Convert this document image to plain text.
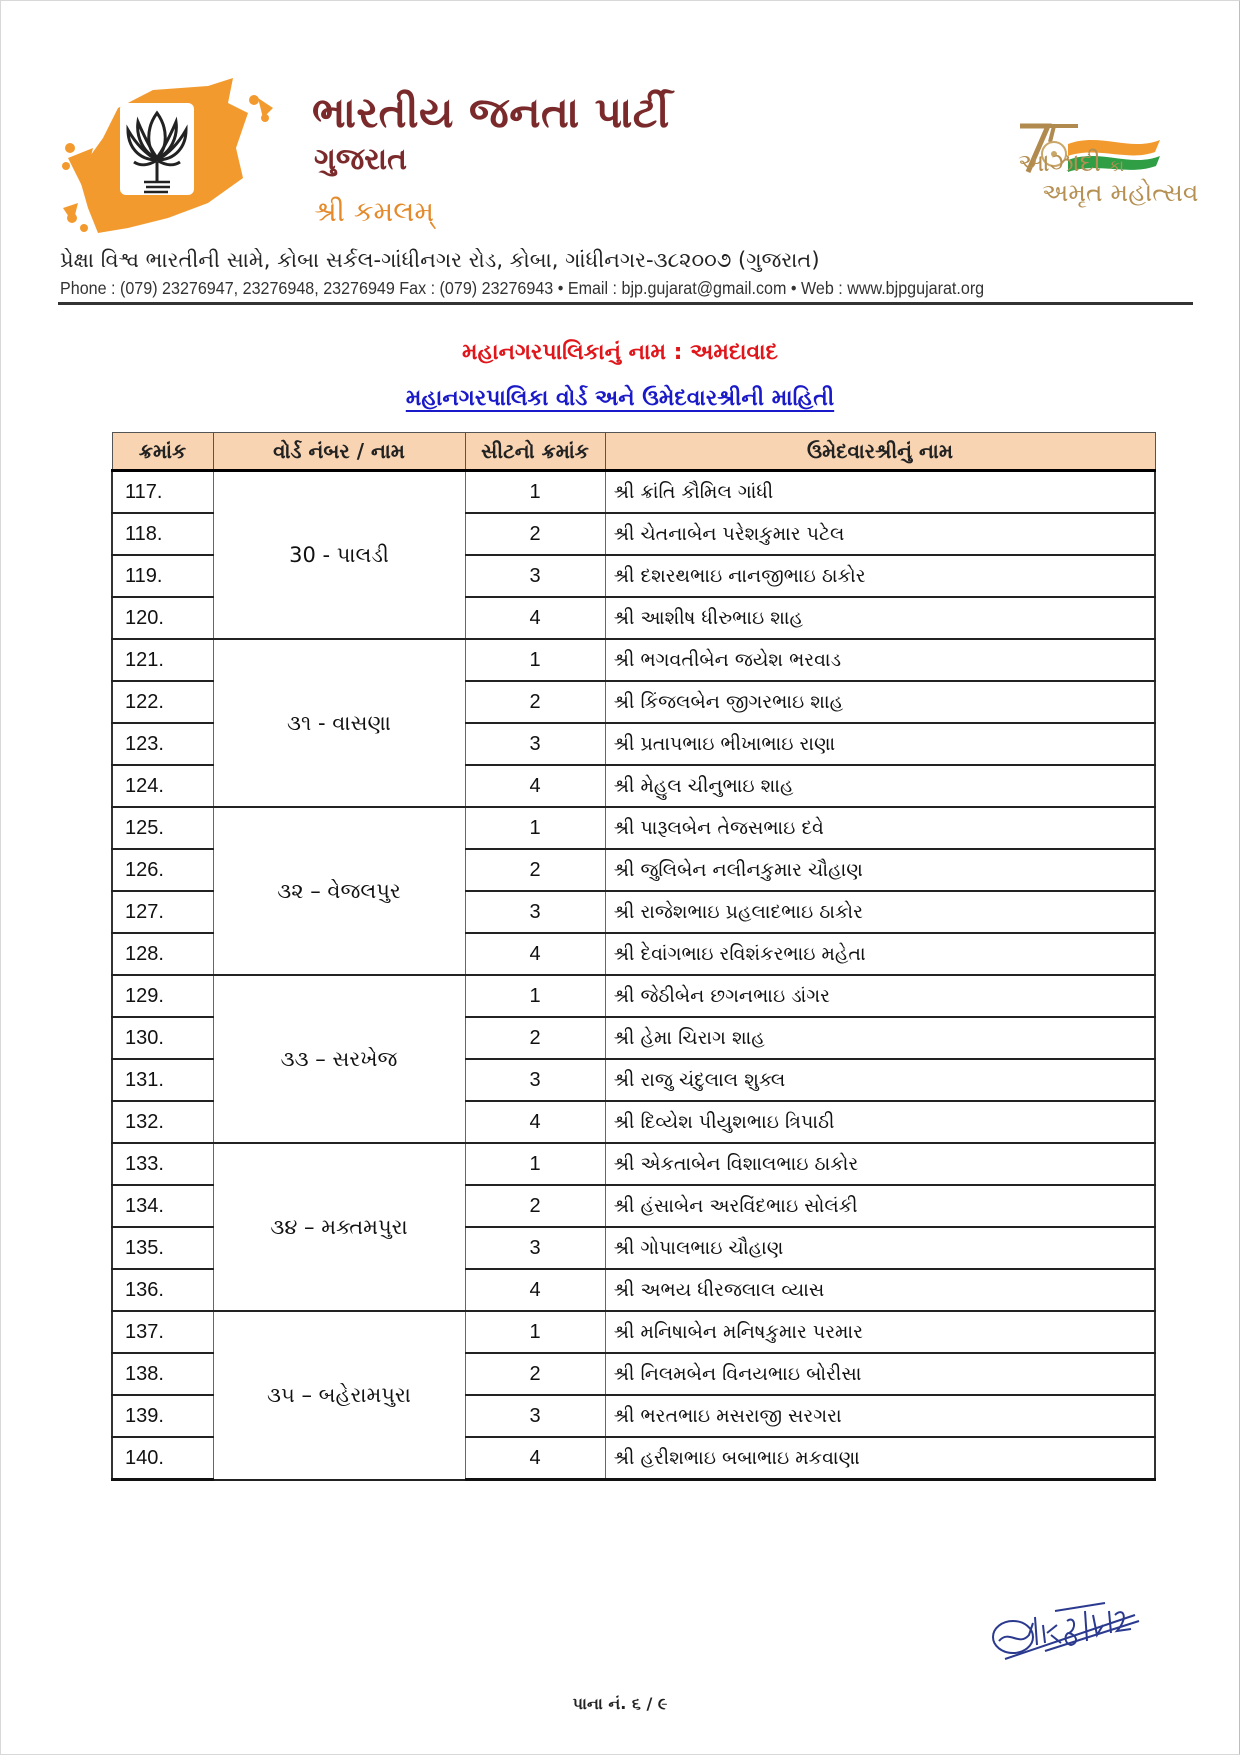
ભારતીય જનતા પાર્ટી
ગુજરાત
શ્રી કમલમ્
આઝાદી કા
અમૃત મહોત્સવ
પ્રેક્ષા વિશ્વ ભારતીની સામે, કોબા સર્કલ-ગાંધીનગર રોડ, કોબા, ગાંધીનગર-૩૮૨૦૦૭ (ગુજરાત)
Phone : (079) 23276947, 23276948, 23276949 Fax : (079) 23276943 • Email : bjp.gujarat@gmail.com • Web : www.bjpgujarat.org
મહાનગરપાલિકાનું નામ : અમદાવાદ
મહાનગરપાલિકા વોર્ડ અને ઉમેદવારશ્રીની માહિતી
ક્રમાંક	વોર્ડ નંબર / નામ	સીટનો ક્રમાંક	ઉમેદવારશ્રીનું નામ
117.	30 - પાલડી	1	શ્રી ક્રાંતિ કૌમિલ ગાંધી
118.		2	શ્રી ચેતનાબેન પરેશકુમાર પટેલ
119.		3	શ્રી દશરથભાઇ નાનજીભાઇ ઠાકોર
120.		4	શ્રી આશીષ ધીરુભાઇ શાહ
121.	૩૧ - વાસણા	1	શ્રી ભગવતીબેન જયેશ ભરવાડ
122.		2	શ્રી કિંજલબેન જીગરભાઇ શાહ
123.		3	શ્રી પ્રતાપભાઇ ભીખાભાઇ રાણા
124.		4	શ્રી મેહુલ ચીનુભાઇ શાહ
125.	૩૨ – વેજલપુર	1	શ્રી પારૂલબેન તેજસભાઇ દવે
126.		2	શ્રી જુલિબેન નલીનકુમાર ચૌહાણ
127.		3	શ્રી રાજેશભાઇ પ્રહલાદભાઇ ઠાકોર
128.		4	શ્રી દેવાંગભાઇ રવિશંકરભાઇ મહેતા
129.	૩૩ – સરખેજ	1	શ્રી જેઠીબેન છગનભાઇ ડાંગર
130.		2	શ્રી હેમા ચિરાગ શાહ
131.		3	શ્રી રાજુ ચંદુલાલ શુક્લ
132.		4	શ્રી દિવ્યેશ પીયુશભાઇ ત્રિપાઠી
133.	૩૪ – મક્તમપુરા	1	શ્રી એકતાબેન વિશાલભાઇ ઠાકોર
134.		2	શ્રી હંસાબેન અરવિંદભાઇ સોલંકી
135.		3	શ્રી ગોપાલભાઇ ચૌહાણ
136.		4	શ્રી અભય ધીરજલાલ વ્યાસ
137.	૩૫ – બહેરામપુરા	1	શ્રી મનિષાબેન મનિષકુમાર પરમાર
138.		2	શ્રી નિલમબેન વિનયભાઇ બોરીસા
139.		3	શ્રી ભરતભાઇ મસરાજી સરગરા
140.		4	શ્રી હરીશભાઇ બબાભાઇ મકવાણા
પાના નં. ૬ / ૯
